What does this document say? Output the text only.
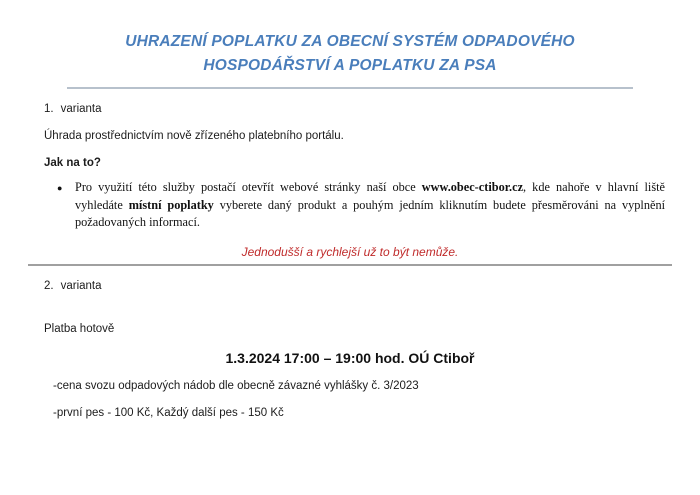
UHRAZENÍ POPLATKU ZA OBECNÍ SYSTÉM ODPADOVÉHO HOSPODÁŘSTVÍ A POPLATKU ZA PSA

1. varianta

Úhrada prostřednictvím nově zřízeného platebního portálu.

Jak na to?

●	Pro využití této služby postačí otevřít webové stránky naší obce www.obec-ctibor.cz, kde nahoře v hlavní liště vyhledáte místní poplatky vyberete daný produkt a pouhým jedním kliknutím budete přesměrováni na vyplnění požadovaných informací.

Jednodušší a rychlejší už to být nemůže.

2. varianta

Platba hotově

1.3.2024 17:00 – 19:00 hod. OÚ Ctiboř

-cena svozu odpadových nádob dle obecně závazné vyhlášky č. 3/2023

-první pes - 100 Kč, Každý další pes - 150 Kč
